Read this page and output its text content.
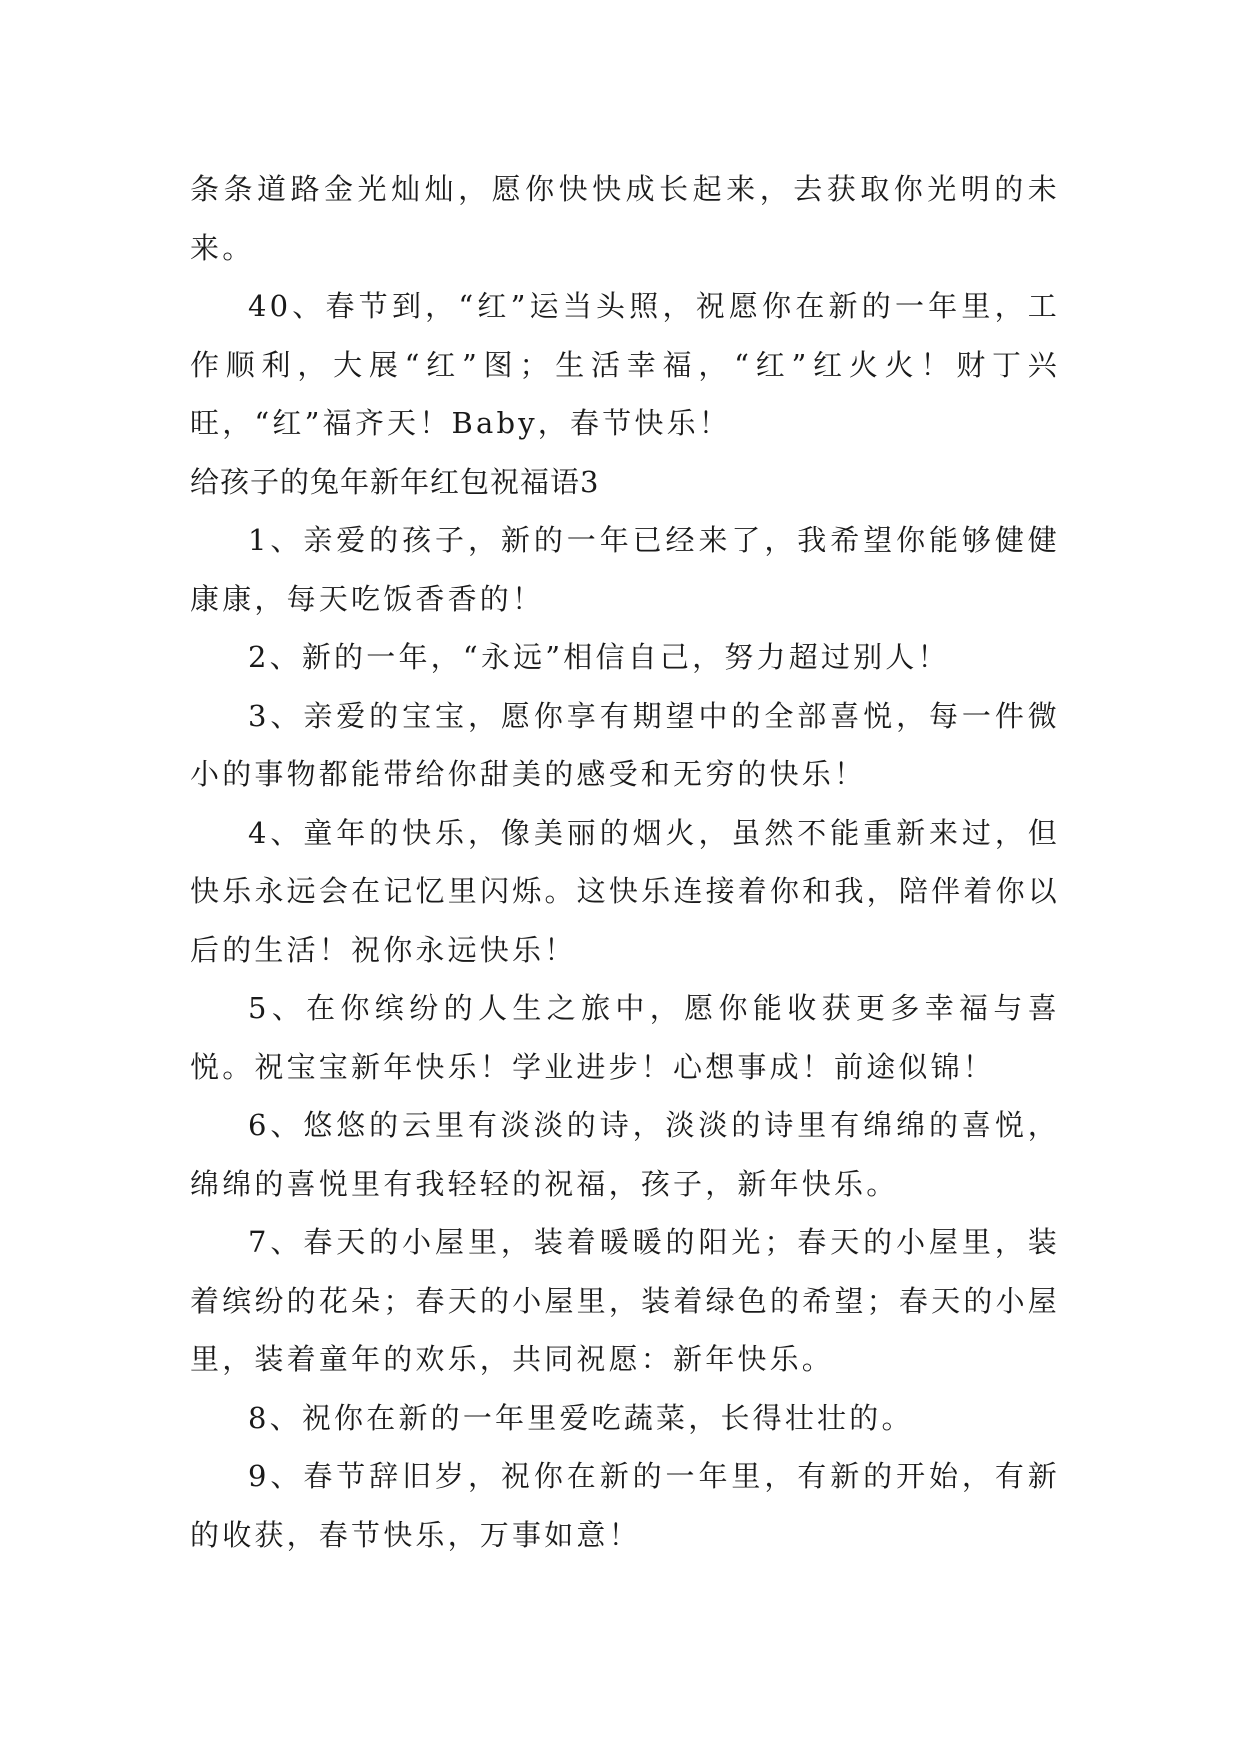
条条道路金光灿灿，愿你快快成长起来，去获取你光明的未来。

40、春节到，“红”运当头照，祝愿你在新的一年里，工作顺利，大展“红”图；生活幸福，“红”红火火！财丁兴旺，“红”福齐天！Baby，春节快乐！

给孩子的兔年新年红包祝福语3

1、亲爱的孩子，新的一年已经来了，我希望你能够健健康康，每天吃饭香香的！

2、新的一年，“永远”相信自己，努力超过别人！

3、亲爱的宝宝，愿你享有期望中的全部喜悦，每一件微小的事物都能带给你甜美的感受和无穷的快乐！

4、童年的快乐，像美丽的烟火，虽然不能重新来过，但快乐永远会在记忆里闪烁。这快乐连接着你和我，陪伴着你以后的生活！祝你永远快乐！

5、在你缤纷的人生之旅中，愿你能收获更多幸福与喜悦。祝宝宝新年快乐！学业进步！心想事成！前途似锦！

6、悠悠的云里有淡淡的诗，淡淡的诗里有绵绵的喜悦，绵绵的喜悦里有我轻轻的祝福，孩子，新年快乐。

7、春天的小屋里，装着暖暖的阳光；春天的小屋里，装着缤纷的花朵；春天的小屋里，装着绿色的希望；春天的小屋里，装着童年的欢乐，共同祝愿：新年快乐。

8、祝你在新的一年里爱吃蔬菜，长得壮壮的。

9、春节辞旧岁，祝你在新的一年里，有新的开始，有新的收获，春节快乐，万事如意！
